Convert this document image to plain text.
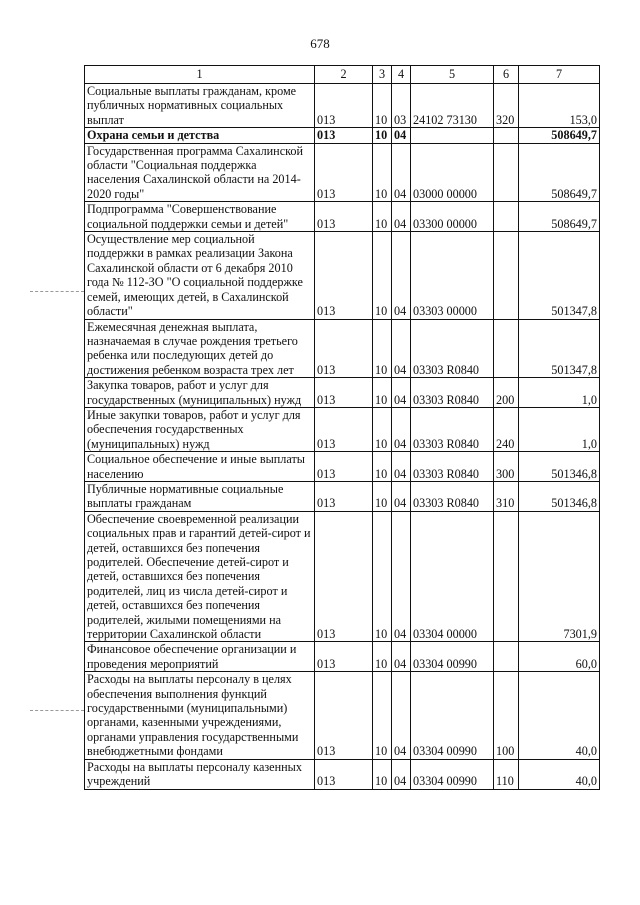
678
1	2	3	4	5	6	7
Социальные выплаты гражданам, кроме публичных нормативных социальных выплат	013	10	03	24102 73130	320	153,0
Охрана семьи и детства	013	10	04			508649,7
Государственная программа Сахалинской области "Социальная поддержка населения Сахалинской области на 2014-2020 годы"	013	10	04	03000 00000		508649,7
Подпрограмма "Совершенствование социальной поддержки семьи и детей"	013	10	04	03300 00000		508649,7
Осуществление мер социальной поддержки в рамках реализации Закона Сахалинской области от 6 декабря 2010 года № 112-ЗО "О социальной поддержке семей, имеющих детей, в Сахалинской области"	013	10	04	03303 00000		501347,8
Ежемесячная денежная выплата, назначаемая в случае рождения третьего ребенка или последующих детей до достижения ребенком возраста трех лет	013	10	04	03303 R0840		501347,8
Закупка товаров, работ и услуг для государственных (муниципальных) нужд	013	10	04	03303 R0840	200	1,0
Иные закупки товаров, работ и услуг для обеспечения государственных (муниципальных) нужд	013	10	04	03303 R0840	240	1,0
Социальное обеспечение и иные выплаты населению	013	10	04	03303 R0840	300	501346,8
Публичные нормативные социальные выплаты гражданам	013	10	04	03303 R0840	310	501346,8
Обеспечение своевременной реализации социальных прав и гарантий детей-сирот и детей, оставшихся без попечения родителей. Обеспечение детей-сирот и детей, оставшихся без попечения родителей, лиц из числа детей-сирот и детей, оставшихся без попечения родителей, жилыми помещениями на территории Сахалинской области	013	10	04	03304 00000		7301,9
Финансовое обеспечение организации и проведения мероприятий	013	10	04	03304 00990		60,0
Расходы на выплаты персоналу в целях обеспечения выполнения функций государственными (муниципальными) органами, казенными учреждениями, органами управления государственными внебюджетными фондами	013	10	04	03304 00990	100	40,0
Расходы на выплаты персоналу казенных учреждений	013	10	04	03304 00990	110	40,0
